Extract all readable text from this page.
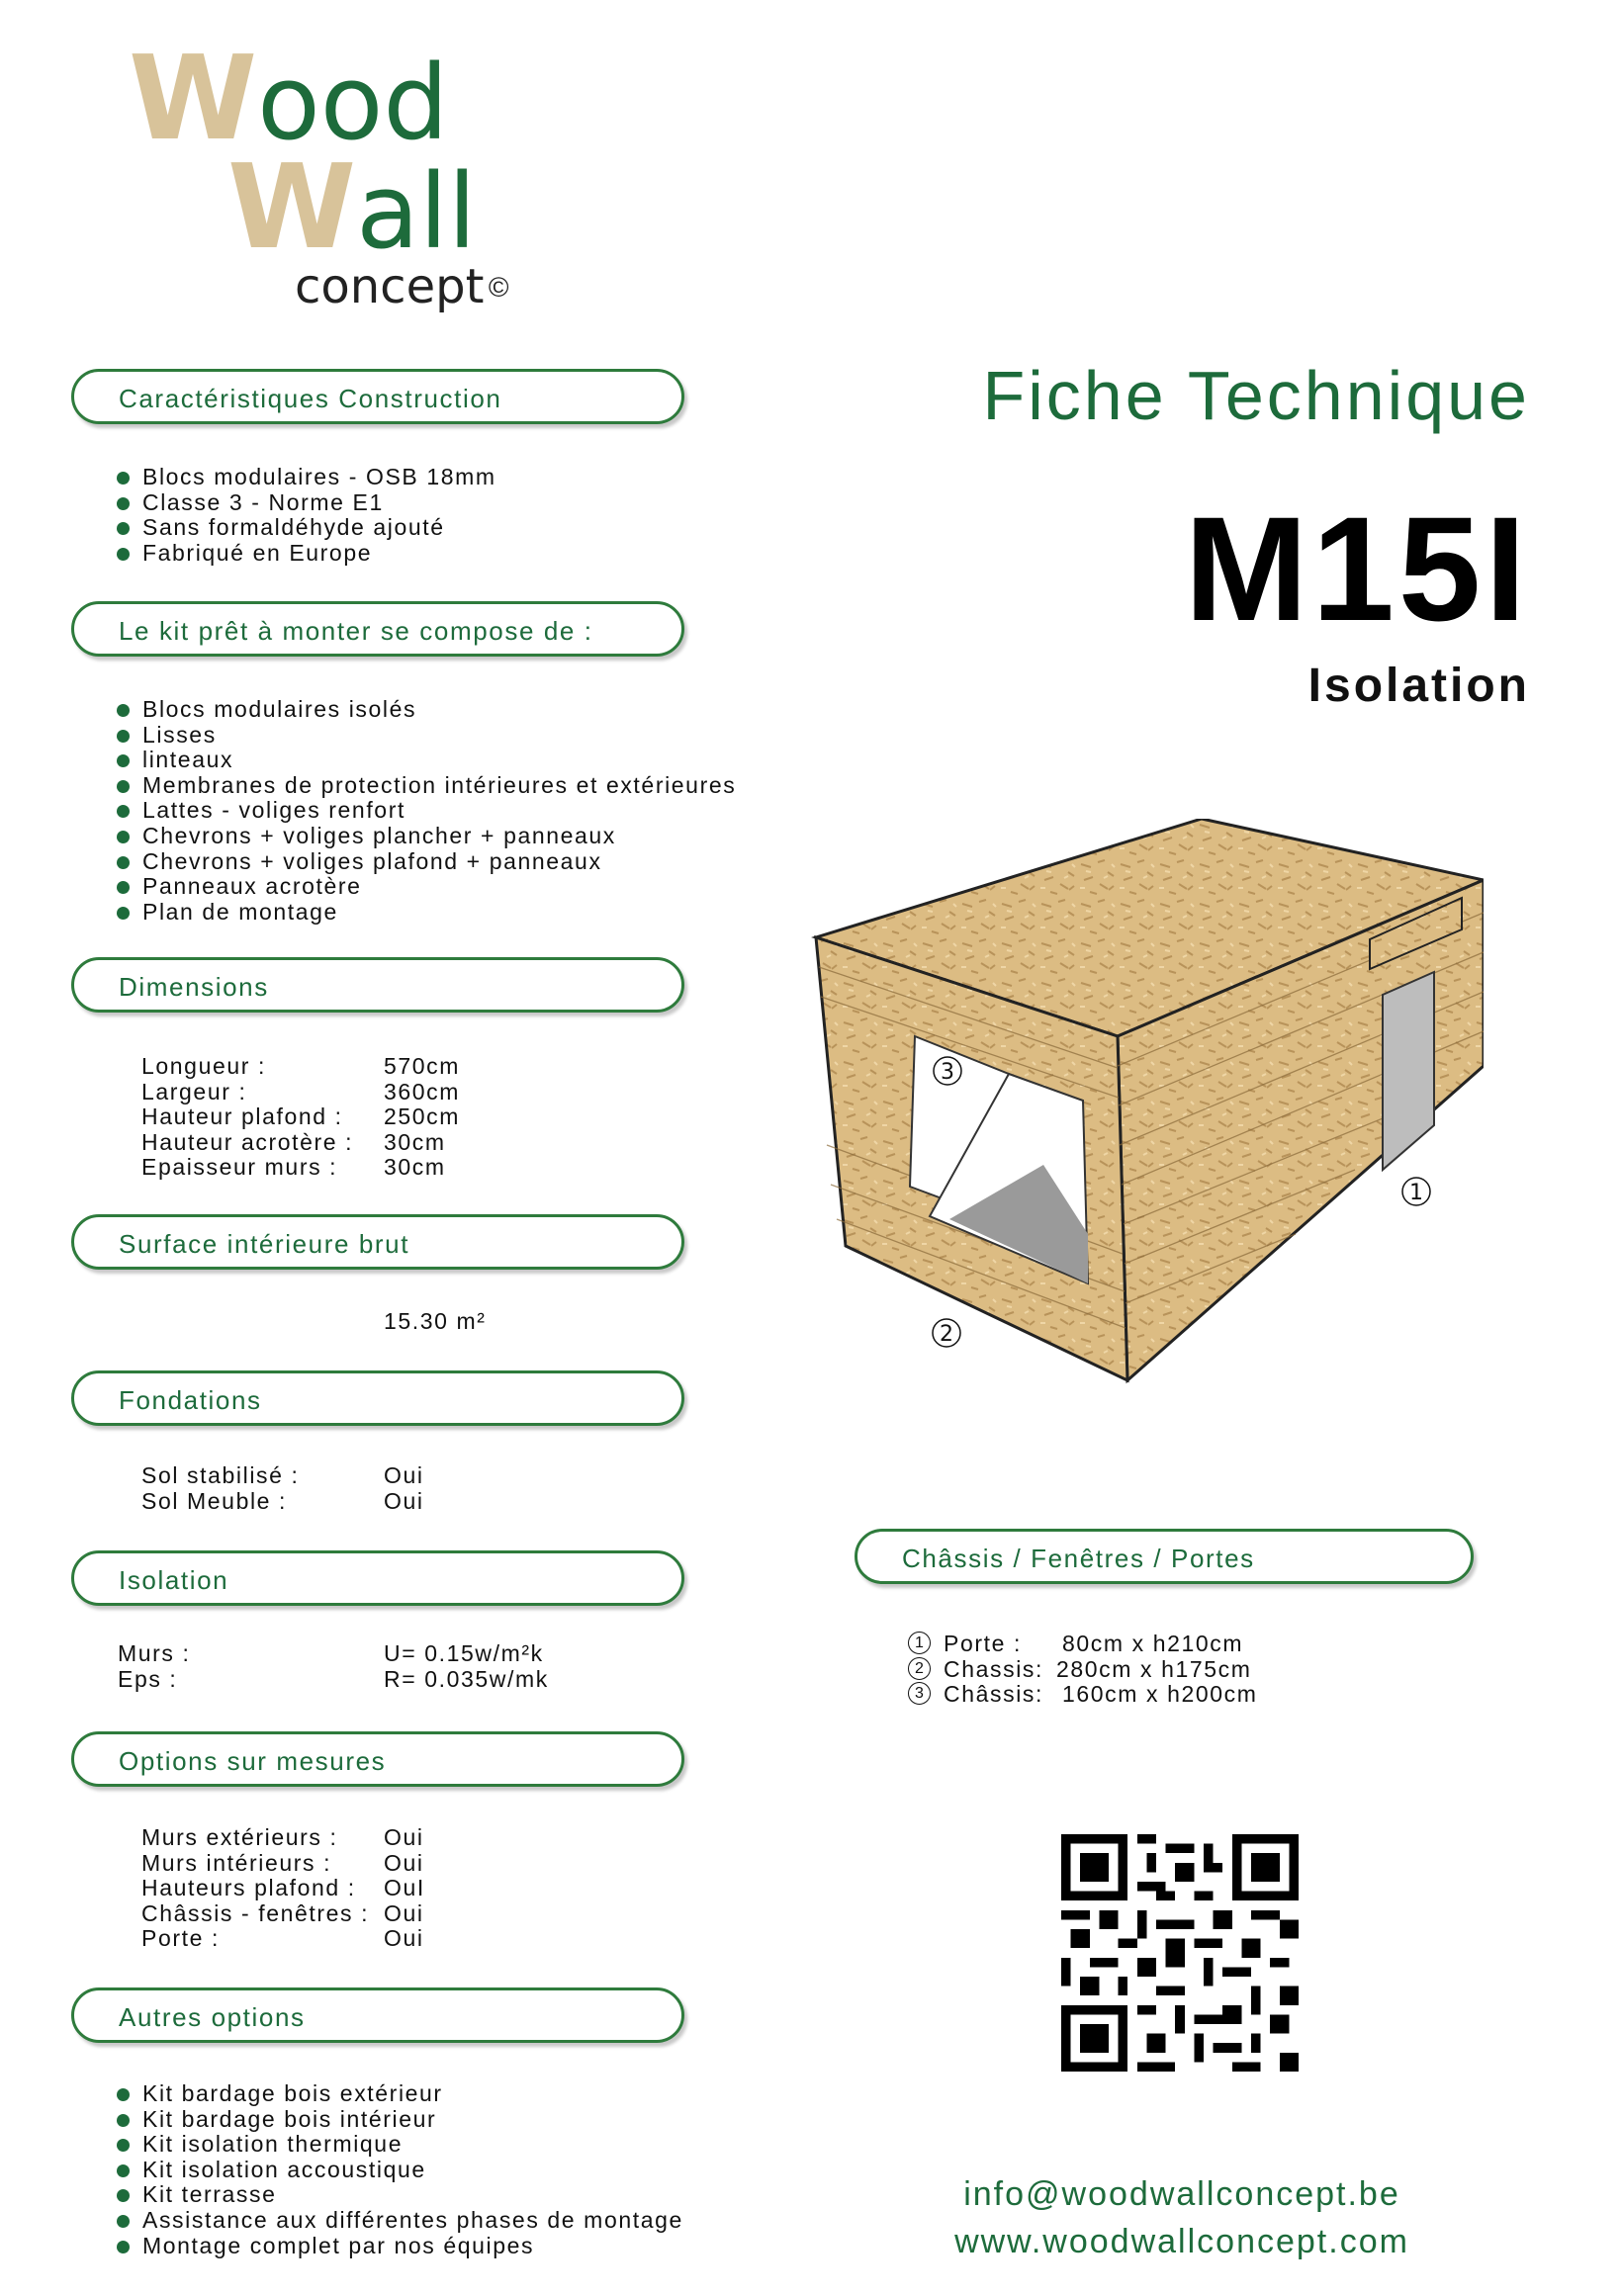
Wood
Wall
concept ©
Fiche Technique
M15I
Isolation
Caractéristiques Construction
Blocs modulaires - OSB 18mm
Classe 3 - Norme E1
Sans formaldéhyde ajouté
Fabriqué en Europe
Le kit prêt à monter se compose de :
Blocs modulaires isolés
Lisses
linteaux
Membranes de protection intérieures et extérieures
Lattes - voliges renfort
Chevrons + voliges plancher + panneaux
Chevrons + voliges plafond + panneaux
Panneaux acrotère
Plan de montage
Dimensions
Longueur :	570cm
Largeur :	360cm
Hauteur plafond : 250cm
Hauteur acrotère : 30cm
Epaisseur murs : 30cm
Surface intérieure brut
15.30 m²
Fondations
Sol stabilisé :	Oui
Sol Meuble :	Oui
Isolation
Murs :	U= 0.15w/m²k
Eps :	R= 0.035w/mk
Options sur mesures
Murs extérieurs : Oui
Murs intérieurs : Oui
Hauteurs plafond : OuI
Châssis - fenêtres : Oui
Porte :	Oui
Autres options
Kit bardage bois extérieur
Kit bardage bois intérieur
Kit isolation thermique
Kit isolation accoustique
Kit terrasse
Assistance aux différentes phases de montage
Montage complet par nos équipes
3
2
1
Châssis / Fenêtres / Portes
1 Porte : 80cm x h210cm
2 Chassis: 280cm x h175cm
3 Châssis: 160cm x h200cm
info@woodwallconcept.be
www.woodwallconcept.com
